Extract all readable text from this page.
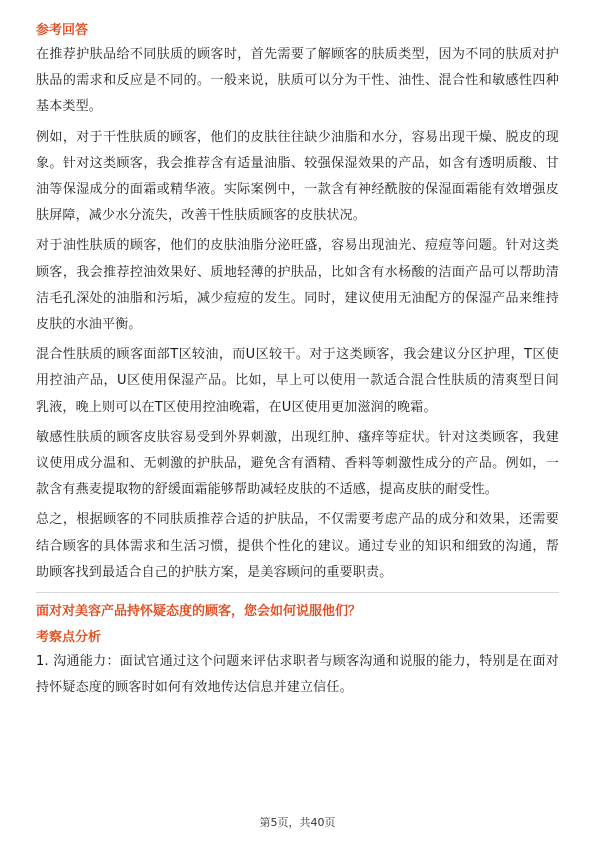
参考回答

在推荐护肤品给不同肤质的顾客时，首先需要了解顾客的肤质类型，因为不同的肤质对护肤品的需求和反应是不同的。一般来说，肤质可以分为干性、油性、混合性和敏感性四种基本类型。

例如，对于干性肤质的顾客，他们的皮肤往往缺少油脂和水分，容易出现干燥、脱皮的现象。针对这类顾客，我会推荐含有适量油脂、较强保湿效果的产品，如含有透明质酸、甘油等保湿成分的面霜或精华液。实际案例中，一款含有神经酰胺的保湿面霜能有效增强皮肤屏障，减少水分流失，改善干性肤质顾客的皮肤状况。

对于油性肤质的顾客，他们的皮肤油脂分泌旺盛，容易出现油光、痘痘等问题。针对这类顾客，我会推荐控油效果好、质地轻薄的护肤品，比如含有水杨酸的洁面产品可以帮助清洁毛孔深处的油脂和污垢，减少痘痘的发生。同时，建议使用无油配方的保湿产品来维持皮肤的水油平衡。

混合性肤质的顾客面部T区较油，而U区较干。对于这类顾客，我会建议分区护理，T区使用控油产品，U区使用保湿产品。比如，早上可以使用一款适合混合性肤质的清爽型日间乳液，晚上则可以在T区使用控油晚霜，在U区使用更加滋润的晚霜。

敏感性肤质的顾客皮肤容易受到外界刺激，出现红肿、瘙痒等症状。针对这类顾客，我建议使用成分温和、无刺激的护肤品，避免含有酒精、香料等刺激性成分的产品。例如，一款含有燕麦提取物的舒缓面霜能够帮助减轻皮肤的不适感，提高皮肤的耐受性。

总之，根据顾客的不同肤质推荐合适的护肤品，不仅需要考虑产品的成分和效果，还需要结合顾客的具体需求和生活习惯，提供个性化的建议。通过专业的知识和细致的沟通，帮助顾客找到最适合自己的护肤方案，是美容顾问的重要职责。

面对对美容产品持怀疑态度的顾客，您会如何说服他们？

考察点分析

1. 沟通能力：面试官通过这个问题来评估求职者与顾客沟通和说服的能力，特别是在面对持怀疑态度的顾客时如何有效地传达信息并建立信任。

第5页，共40页
